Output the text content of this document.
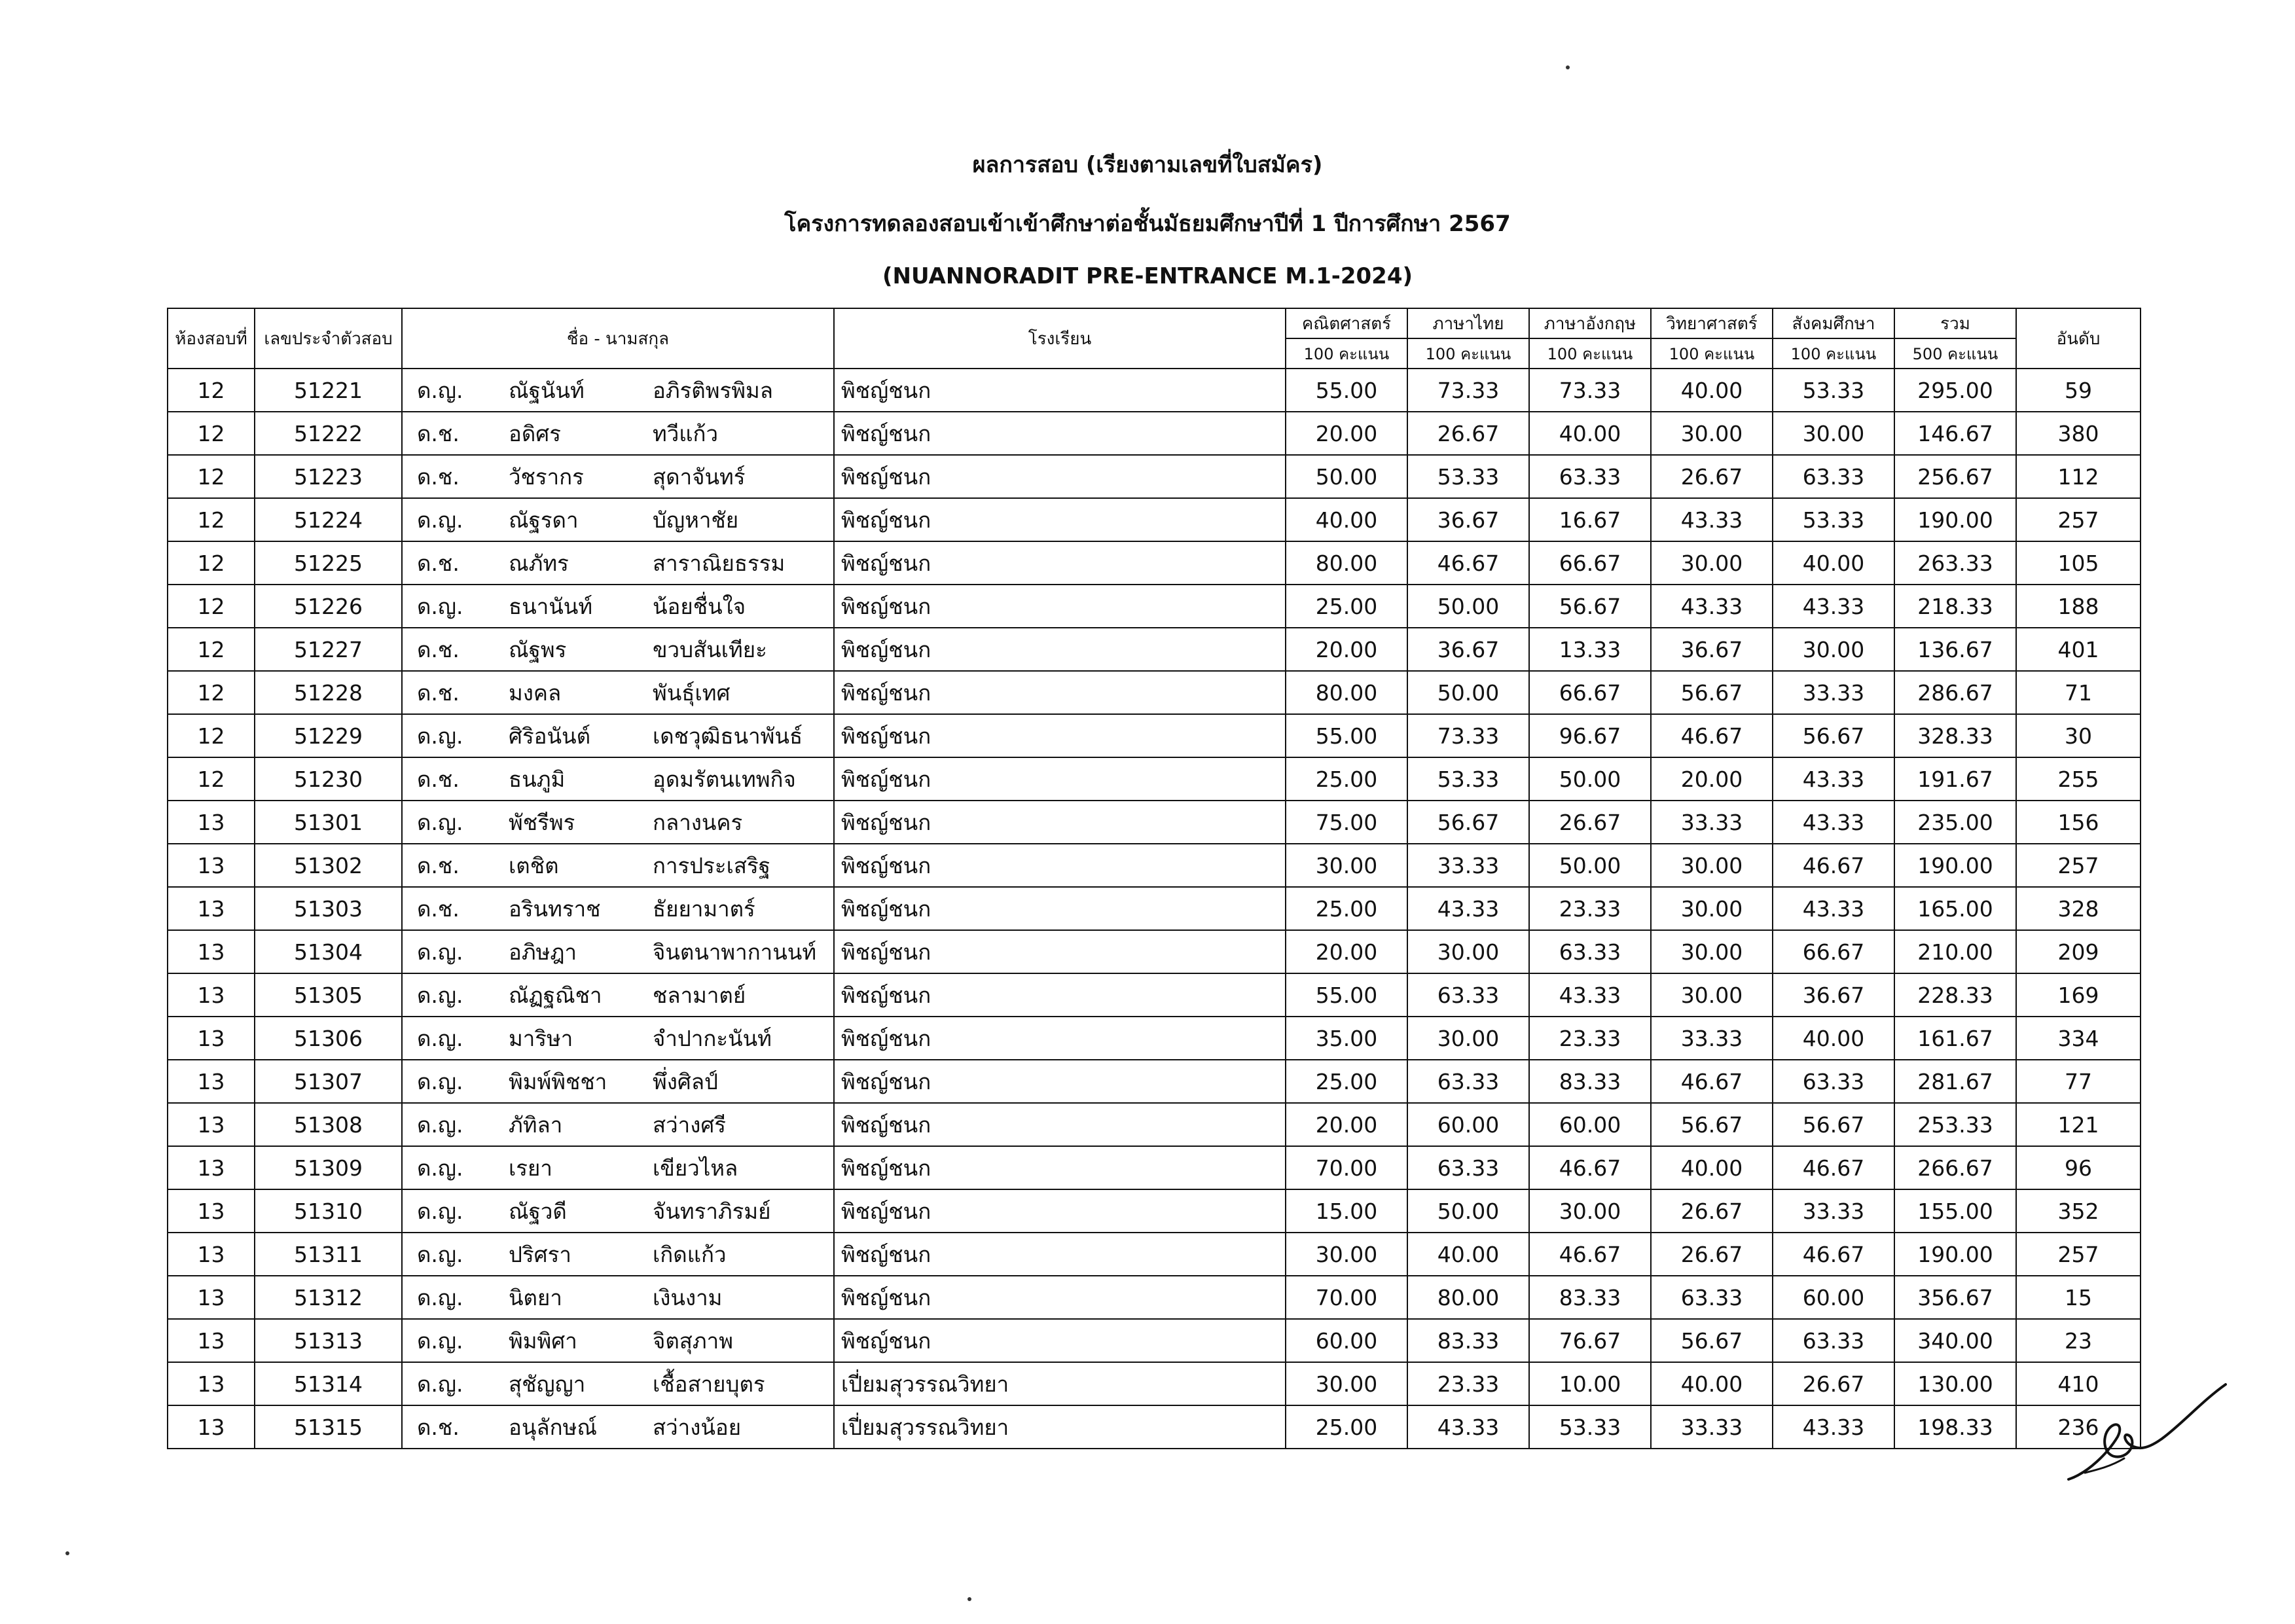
ผลการสอบ (เรียงตามเลขที่ใบสมัคร)
โครงการทดลองสอบเข้าเข้าศึกษาต่อชั้นมัธยมศึกษาปีที่ 1 ปีการศึกษา 2567
(NUANNORADIT PRE-ENTRANCE M.1-2024)
ห้องสอบที่	เลขประจำตัวสอบ	ชื่อ - นามสกุล	โรงเรียน	คณิตศาสตร์	ภาษาไทย	ภาษาอังกฤษ	วิทยาศาสตร์	สังคมศึกษา	รวม	อันดับ
				100 คะแนน	100 คะแนน	100 คะแนน	100 คะแนน	100 คะแนน	500 คะแนน	
12	51221	ด.ญ. ณัฐนันท์ อภิรติพรพิมล	พิชญ์ชนก	55.00	73.33	73.33	40.00	53.33	295.00	59
12	51222	ด.ช. อดิศร ทวีแก้ว	พิชญ์ชนก	20.00	26.67	40.00	30.00	30.00	146.67	380
12	51223	ด.ช. วัชรากร สุดาจันทร์	พิชญ์ชนก	50.00	53.33	63.33	26.67	63.33	256.67	112
12	51224	ด.ญ. ณัฐรดา บัญหาชัย	พิชญ์ชนก	40.00	36.67	16.67	43.33	53.33	190.00	257
12	51225	ด.ช. ณภัทร สาราณิยธรรม	พิชญ์ชนก	80.00	46.67	66.67	30.00	40.00	263.33	105
12	51226	ด.ญ. ธนานันท์ น้อยชื่นใจ	พิชญ์ชนก	25.00	50.00	56.67	43.33	43.33	218.33	188
12	51227	ด.ช. ณัฐพร ขวบสันเทียะ	พิชญ์ชนก	20.00	36.67	13.33	36.67	30.00	136.67	401
12	51228	ด.ช. มงคล พันธุ์เทศ	พิชญ์ชนก	80.00	50.00	66.67	56.67	33.33	286.67	71
12	51229	ด.ญ. ศิริอนันต์ เดชวุฒิธนาพันธ์	พิชญ์ชนก	55.00	73.33	96.67	46.67	56.67	328.33	30
12	51230	ด.ช. ธนภูมิ อุดมรัตนเทพกิจ	พิชญ์ชนก	25.00	53.33	50.00	20.00	43.33	191.67	255
13	51301	ด.ญ. พัชรีพร กลางนคร	พิชญ์ชนก	75.00	56.67	26.67	33.33	43.33	235.00	156
13	51302	ด.ช. เตชิต การประเสริฐ	พิชญ์ชนก	30.00	33.33	50.00	30.00	46.67	190.00	257
13	51303	ด.ช. อรินทราช ธัยยามาตร์	พิชญ์ชนก	25.00	43.33	23.33	30.00	43.33	165.00	328
13	51304	ด.ญ. อภิษฎา จินตนาพากานนท์	พิชญ์ชนก	20.00	30.00	63.33	30.00	66.67	210.00	209
13	51305	ด.ญ. ณัฏฐณิชา ชลามาตย์	พิชญ์ชนก	55.00	63.33	43.33	30.00	36.67	228.33	169
13	51306	ด.ญ. มาริษา จำปากะนันท์	พิชญ์ชนก	35.00	30.00	23.33	33.33	40.00	161.67	334
13	51307	ด.ญ. พิมพ์พิชชา พึ่งศิลป์	พิชญ์ชนก	25.00	63.33	83.33	46.67	63.33	281.67	77
13	51308	ด.ญ. ภัทิลา สว่างศรี	พิชญ์ชนก	20.00	60.00	60.00	56.67	56.67	253.33	121
13	51309	ด.ญ. เรยา เขียวไหล	พิชญ์ชนก	70.00	63.33	46.67	40.00	46.67	266.67	96
13	51310	ด.ญ. ณัฐวดี จันทราภิรมย์	พิชญ์ชนก	15.00	50.00	30.00	26.67	33.33	155.00	352
13	51311	ด.ญ. ปริศรา เกิดแก้ว	พิชญ์ชนก	30.00	40.00	46.67	26.67	46.67	190.00	257
13	51312	ด.ญ. นิตยา เงินงาม	พิชญ์ชนก	70.00	80.00	83.33	63.33	60.00	356.67	15
13	51313	ด.ญ. พิมพิศา จิตสุภาพ	พิชญ์ชนก	60.00	83.33	76.67	56.67	63.33	340.00	23
13	51314	ด.ญ. สุชัญญา เชื้อสายบุตร	เปี่ยมสุวรรณวิทยา	30.00	23.33	10.00	40.00	26.67	130.00	410
13	51315	ด.ช. อนุลักษณ์ สว่างน้อย	เปี่ยมสุวรรณวิทยา	25.00	43.33	53.33	33.33	43.33	198.33	236
